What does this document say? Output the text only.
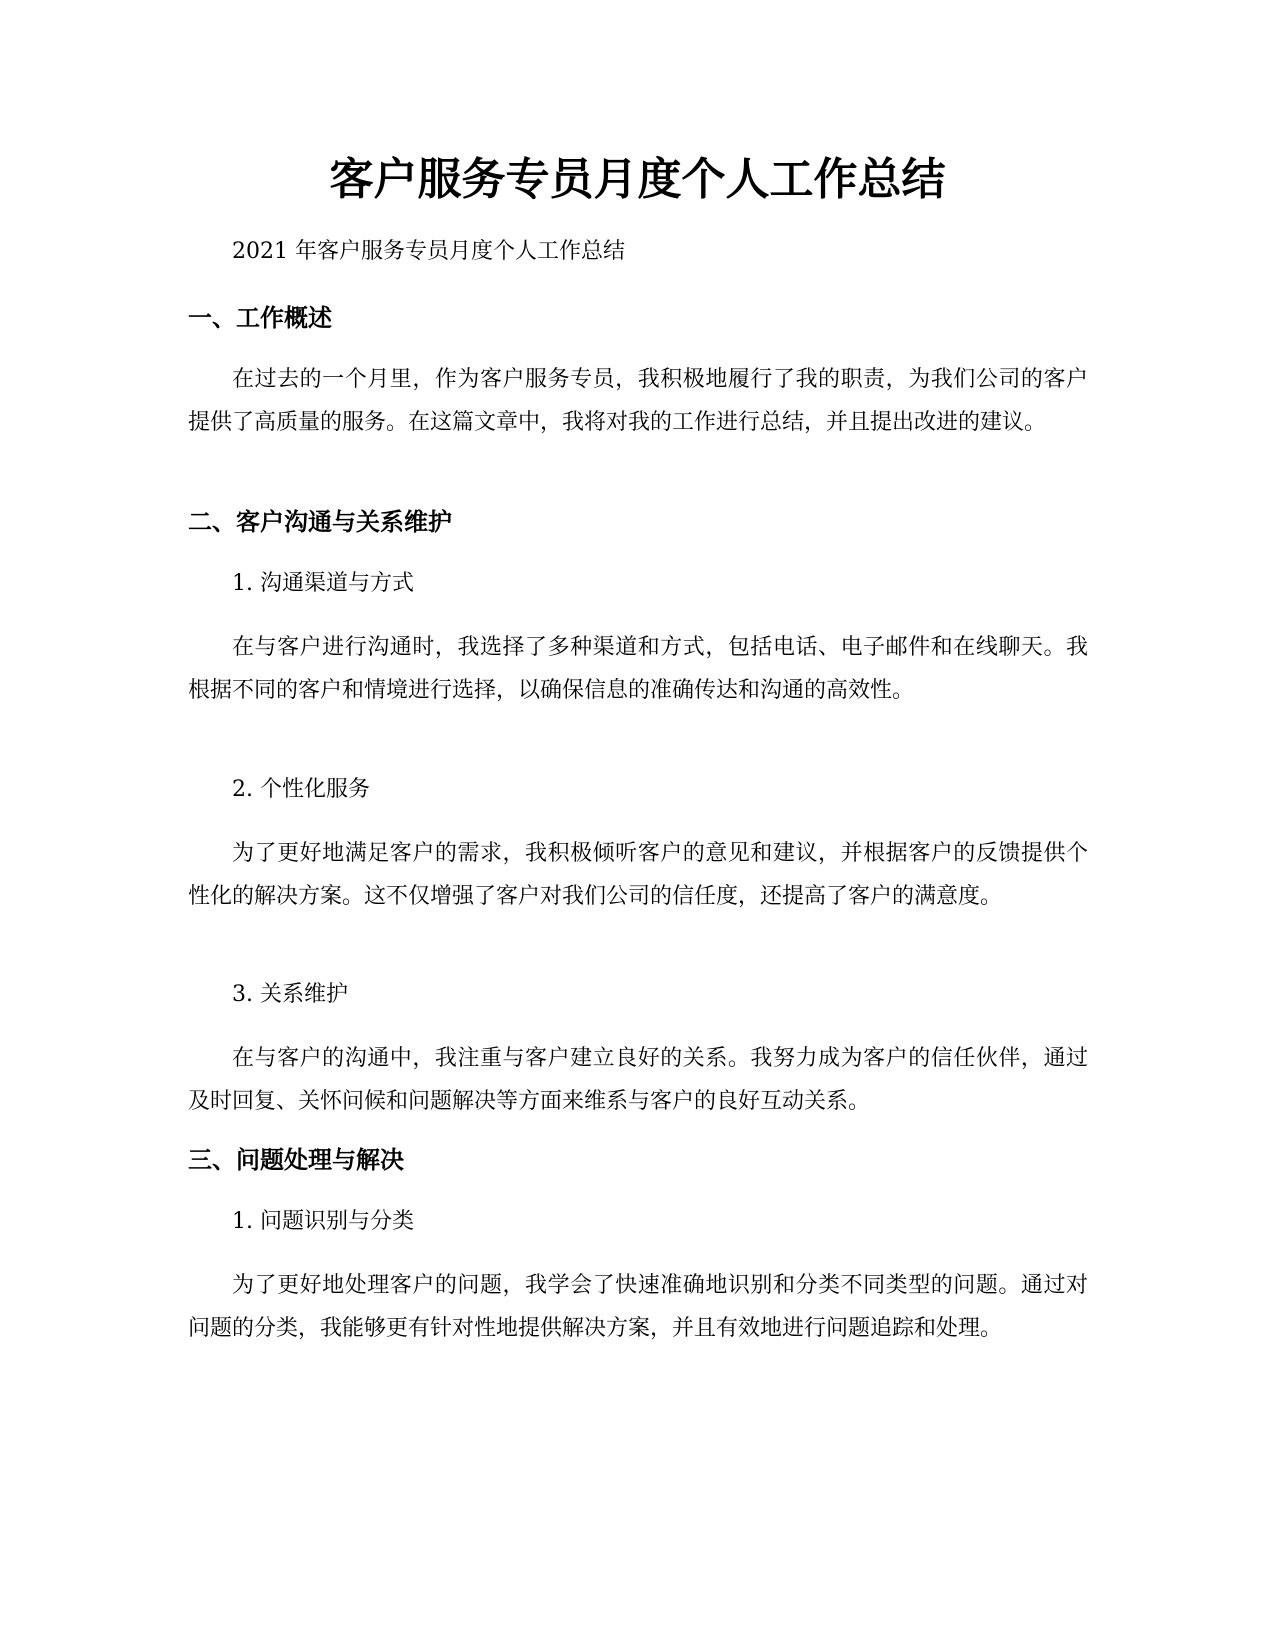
客户服务专员月度个人工作总结

2021 年客户服务专员月度个人工作总结

一、工作概述

在过去的一个月里，作为客户服务专员，我积极地履行了我的职责，为我们公司的客户提供了高质量的服务。在这篇文章中，我将对我的工作进行总结，并且提出改进的建议。

二、客户沟通与关系维护

1. 沟通渠道与方式

在与客户进行沟通时，我选择了多种渠道和方式，包括电话、电子邮件和在线聊天。我根据不同的客户和情境进行选择，以确保信息的准确传达和沟通的高效性。

2. 个性化服务

为了更好地满足客户的需求，我积极倾听客户的意见和建议，并根据客户的反馈提供个性化的解决方案。这不仅增强了客户对我们公司的信任度，还提高了客户的满意度。

3. 关系维护

在与客户的沟通中，我注重与客户建立良好的关系。我努力成为客户的信任伙伴，通过及时回复、关怀问候和问题解决等方面来维系与客户的良好互动关系。

三、问题处理与解决

1. 问题识别与分类

为了更好地处理客户的问题，我学会了快速准确地识别和分类不同类型的问题。通过对问题的分类，我能够更有针对性地提供解决方案，并且有效地进行问题追踪和处理。
